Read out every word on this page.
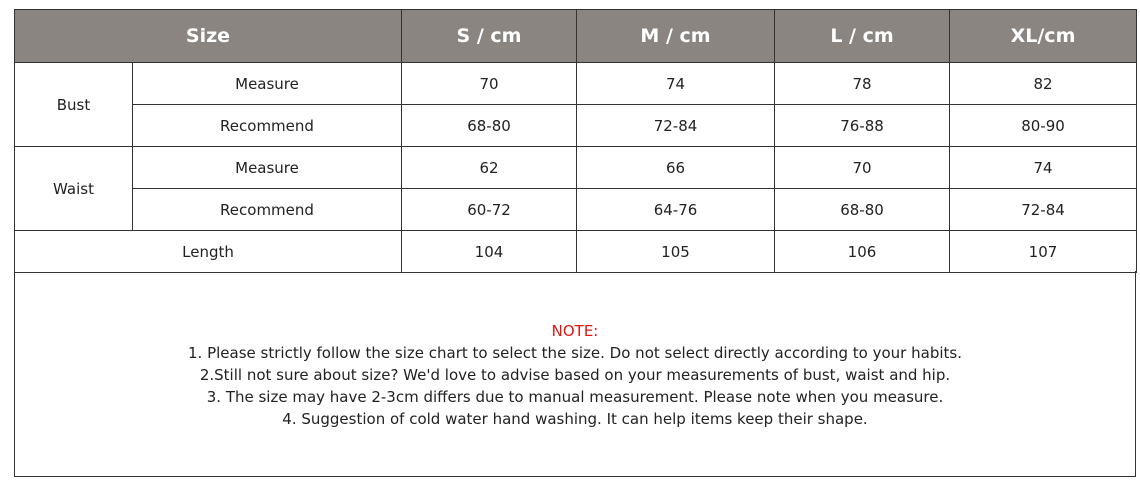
Size		S / cm	M / cm	L / cm	XL/cm
Bust	Measure	70	74	78	82
	Recommend	68-80	72-84	76-88	80-90
Waist	Measure	62	66	70	74
	Recommend	60-72	64-76	68-80	72-84
Length		104	105	106	107
NOTE:
1. Please strictly follow the size chart to select the size. Do not select directly according to your habits.
2.Still not sure about size? We'd love to advise based on your measurements of bust, waist and hip.
3. The size may have 2-3cm differs due to manual measurement. Please note when you measure.
4. Suggestion of cold water hand washing. It can help items keep their shape.
